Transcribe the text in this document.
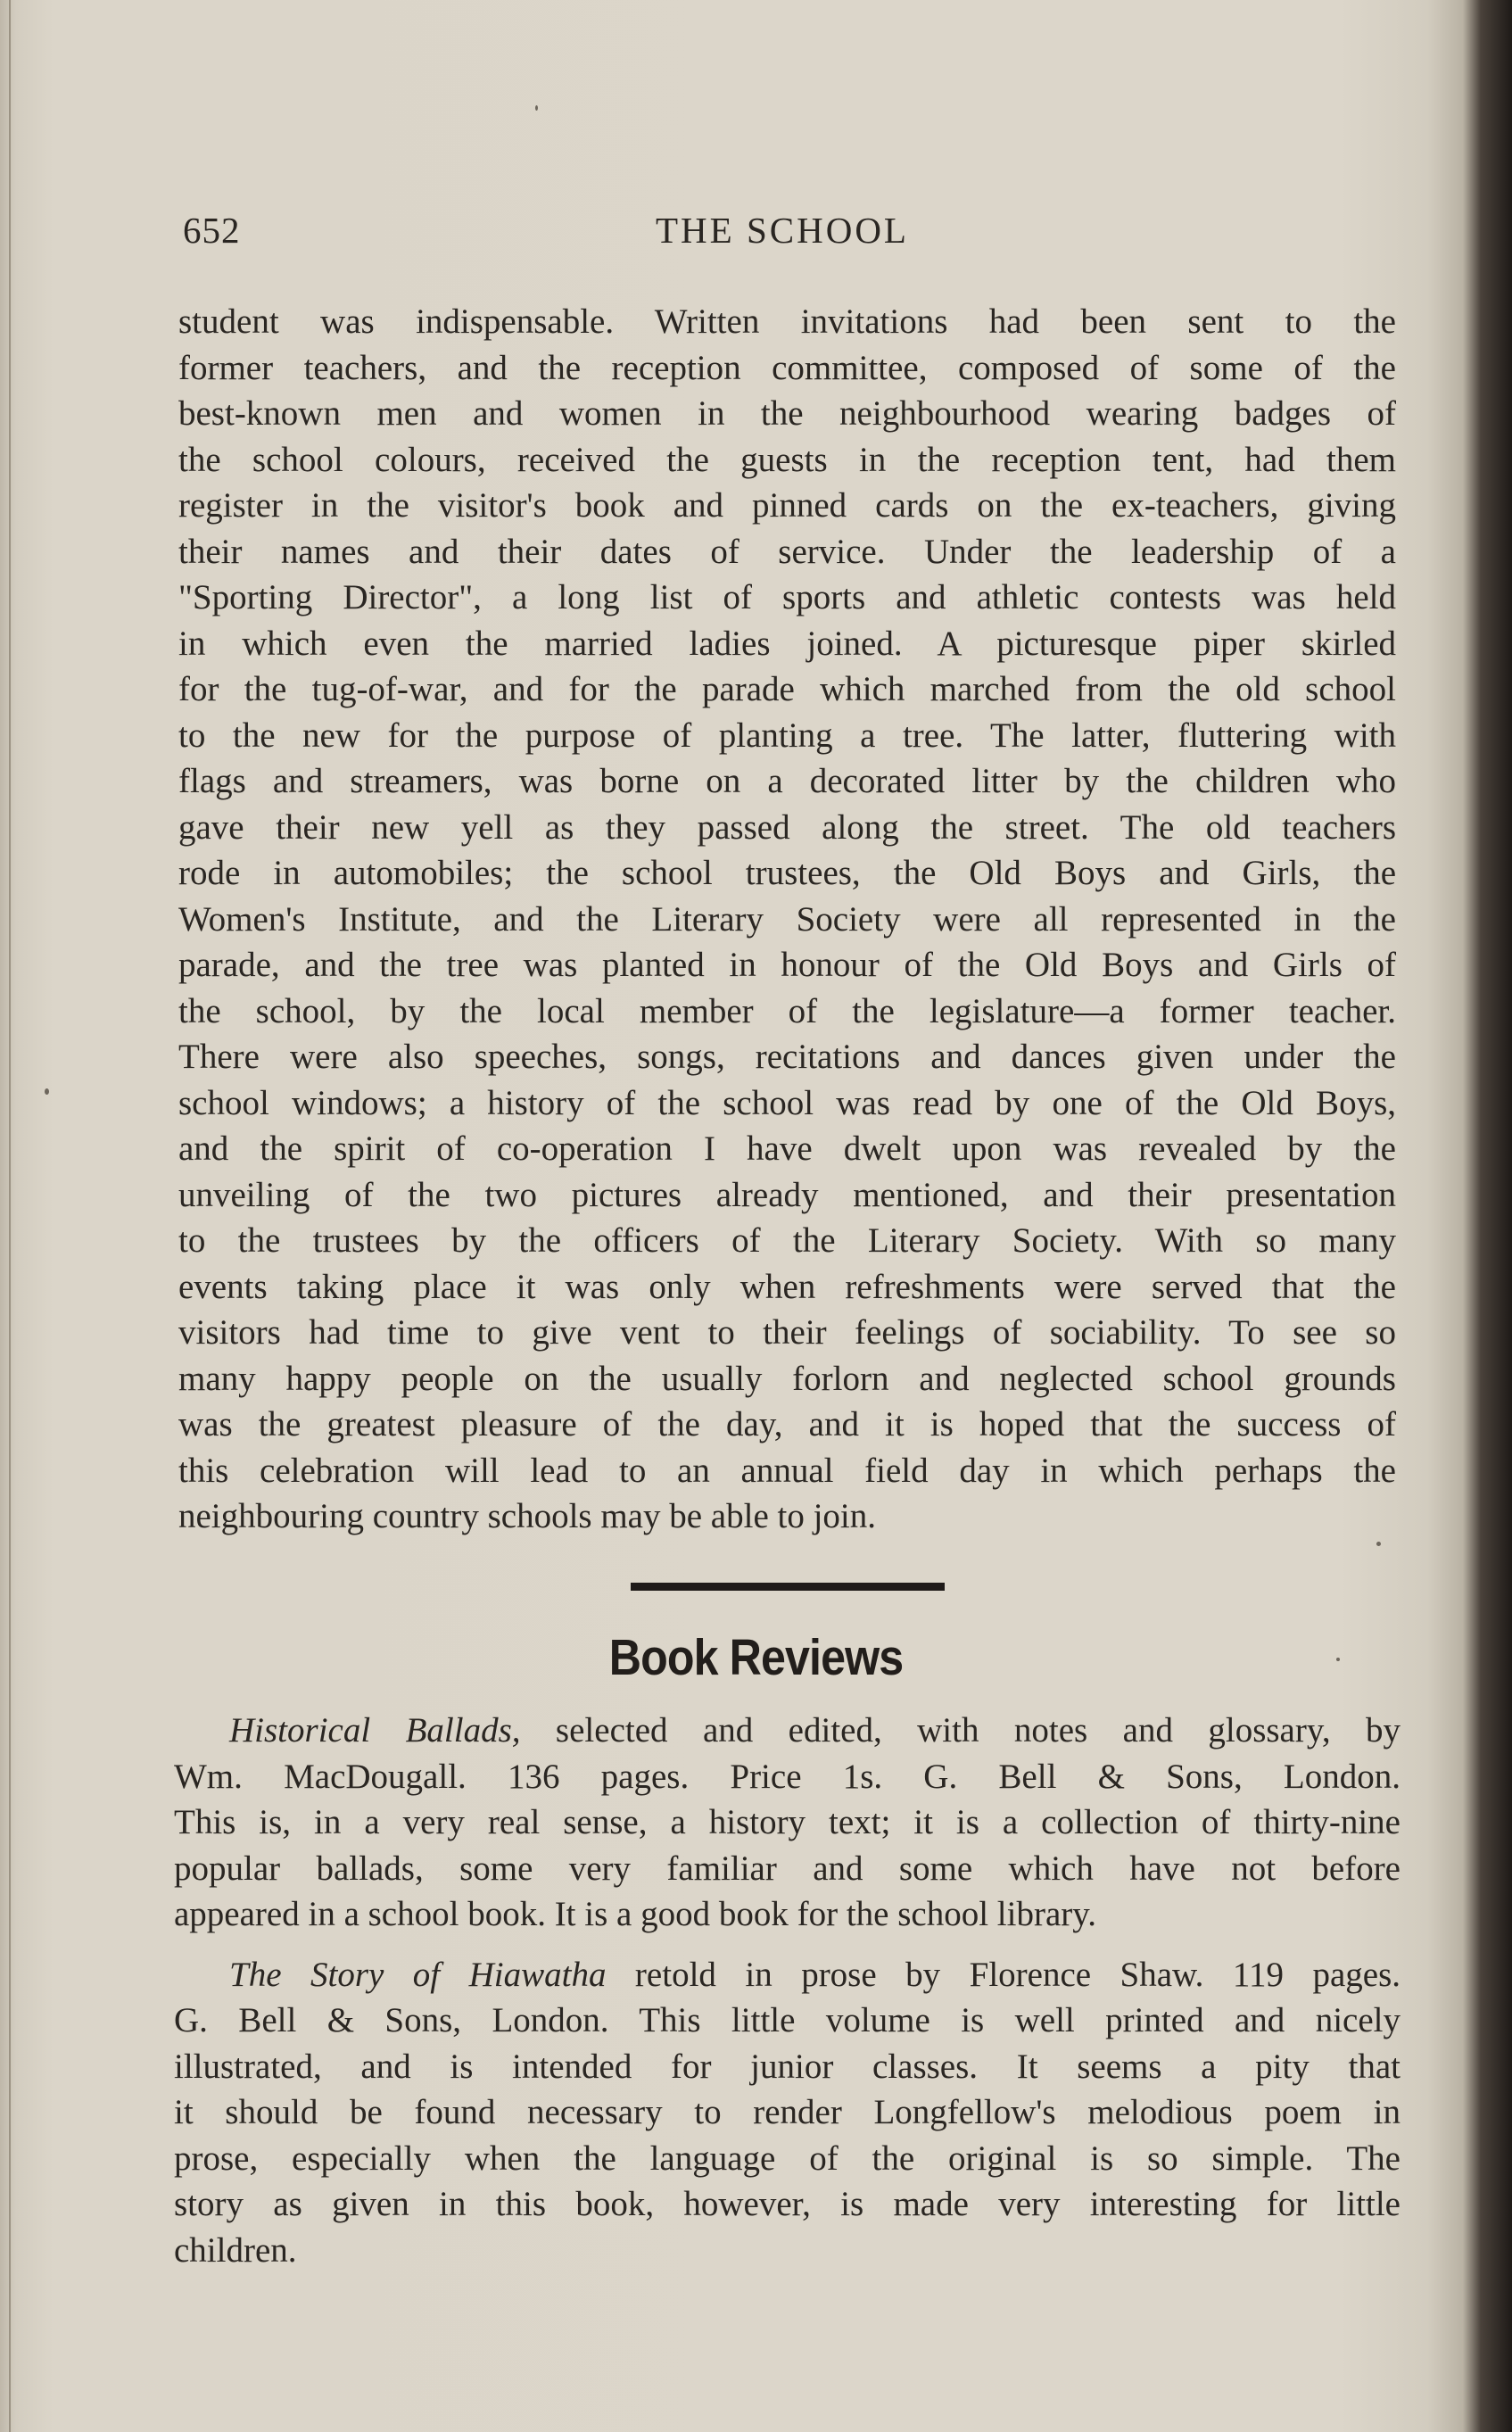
652	THE SCHOOL
student was indispensable. Written invitations had been sent to the
former teachers, and the reception committee, composed of some of the
best-known men and women in the neighbourhood wearing badges of
the school colours, received the guests in the reception tent, had them
register in the visitor's book and pinned cards on the ex-teachers, giving
their names and their dates of service. Under the leadership of a
"Sporting Director", a long list of sports and athletic contests was held
in which even the married ladies joined. A picturesque piper skirled
for the tug-of-war, and for the parade which marched from the old school
to the new for the purpose of planting a tree. The latter, fluttering with
flags and streamers, was borne on a decorated litter by the children who
gave their new yell as they passed along the street. The old teachers
rode in automobiles; the school trustees, the Old Boys and Girls, the
Women's Institute, and the Literary Society were all represented in the
parade, and the tree was planted in honour of the Old Boys and Girls of
the school, by the local member of the legislature—a former teacher.
There were also speeches, songs, recitations and dances given under the
school windows; a history of the school was read by one of the Old Boys,
and the spirit of co-operation I have dwelt upon was revealed by the
unveiling of the two pictures already mentioned, and their presentation
to the trustees by the officers of the Literary Society. With so many
events taking place it was only when refreshments were served that the
visitors had time to give vent to their feelings of sociability. To see so
many happy people on the usually forlorn and neglected school grounds
was the greatest pleasure of the day, and it is hoped that the success of
this celebration will lead to an annual field day in which perhaps the
neighbouring country schools may be able to join.
Book Reviews
Historical Ballads, selected and edited, with notes and glossary, by
Wm. MacDougall. 136 pages. Price 1s. G. Bell & Sons, London.
This is, in a very real sense, a history text; it is a collection of thirty-nine
popular ballads, some very familiar and some which have not before
appeared in a school book. It is a good book for the school library.
The Story of Hiawatha retold in prose by Florence Shaw. 119 pages.
G. Bell & Sons, London. This little volume is well printed and nicely
illustrated, and is intended for junior classes. It seems a pity that
it should be found necessary to render Longfellow's melodious poem in
prose, especially when the language of the original is so simple. The
story as given in this book, however, is made very interesting for little
children.
